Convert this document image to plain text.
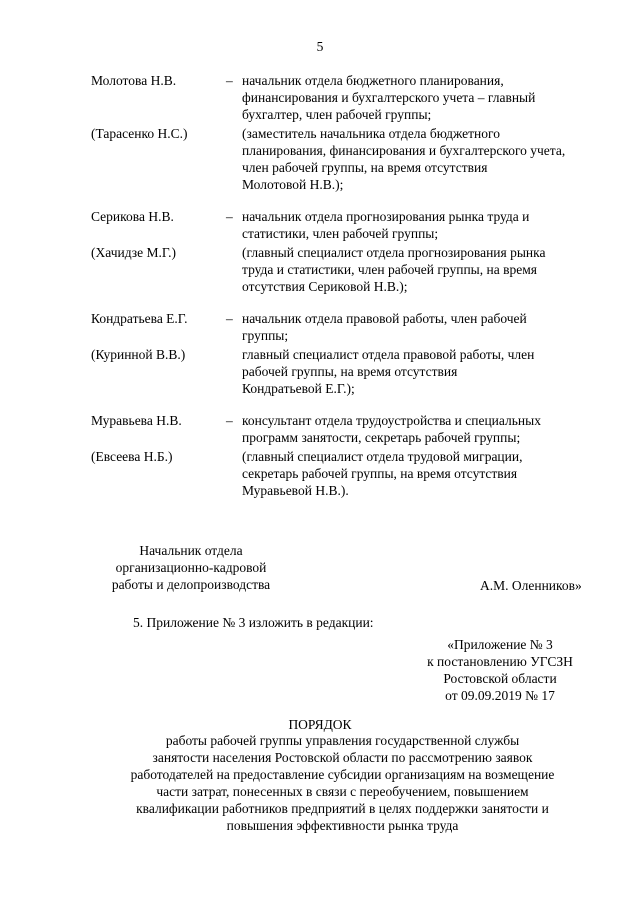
5
Молотова Н.В.	– начальник отдела бюджетного планирования,
финансирования и бухгалтерского учета – главный
бухгалтер, член рабочей группы;
(Тарасенко Н.С.)	(заместитель начальника отдела бюджетного
планирования, финансирования и бухгалтерского учета,
член рабочей группы, на время отсутствия
Молотовой Н.В.);
Серикова Н.В.	– начальник отдела прогнозирования рынка труда и
статистики, член рабочей группы;
(Хачидзе М.Г.)	(главный специалист отдела прогнозирования рынка
труда и статистики, член рабочей группы, на время
отсутствия Сериковой Н.В.);
Кондратьева Е.Г.	– начальник отдела правовой работы, член рабочей
группы;
(Куринной В.В.)	главный специалист отдела правовой работы, член
рабочей группы, на время отсутствия
Кондратьевой Е.Г.);
Муравьева Н.В.	– консультант отдела трудоустройства и специальных
программ занятости, секретарь рабочей группы;
(Евсеева Н.Б.)	(главный специалист отдела трудовой миграции,
секретарь рабочей группы, на время отсутствия
Муравьевой Н.В.).
Начальник отдела
организационно-кадровой
работы и делопроизводства	А.М. Оленников»
5. Приложение № 3 изложить в редакции:
«Приложение № 3
к постановлению УГСЗН
Ростовской области
от 09.09.2019 № 17
ПОРЯДОК
работы рабочей группы управления государственной службы
занятости населения Ростовской области по рассмотрению заявок
работодателей на предоставление субсидии организациям на возмещение
части затрат, понесенных в связи с переобучением, повышением
квалификации работников предприятий в целях поддержки занятости и
повышения эффективности рынка труда
